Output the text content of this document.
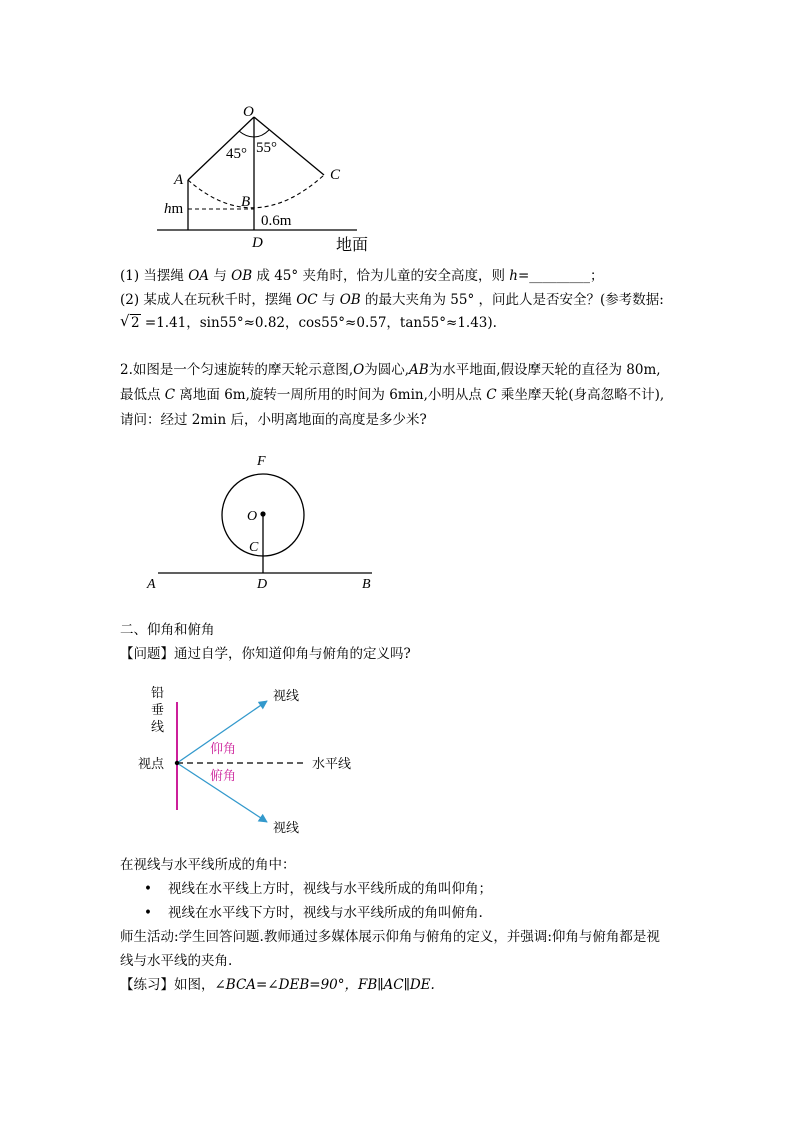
O
45° 55°
A	C
B
hm
0.6m
D	地面
(1) 当摆绳 OA 与 OB 成 45° 夹角时，恰为儿童的安全高度，则 h=_________；
(2) 某成人在玩秋千时，摆绳 OC 与 OB 的最大夹角为 55° ，问此人是否安全？(参考数据:
√ 2 =1.41，sin55°≈0.82，cos55°≈0.57，tan55°≈1.43).
2.如图是一个匀速旋转的摩天轮示意图,O为圆心,AB为水平地面,假设摩天轮的直径为 80m,
最低点 C 离地面 6m,旋转一周所用的时间为 6min,小明从点 C 乘坐摩天轮(身高忽略不计),
请问：经过 2min 后，小明离地面的高度是多少米?
F
O
C
A	D	B
二、仰角和俯角
【问题】通过自学，你知道仰角与俯角的定义吗?
铅
垂
线
视线
视线
视点
仰角
俯角
水平线
在视线与水平线所成的角中：
• 视线在水平线上方时，视线与水平线所成的角叫仰角；
• 视线在水平线下方时，视线与水平线所成的角叫俯角.
师生活动:学生回答问题.教师通过多媒体展示仰角与俯角的定义，并强调:仰角与俯角都是视
线与水平线的夹角.
【练习】如图，∠BCA=∠DEB=90°，FB∥AC∥DE.
